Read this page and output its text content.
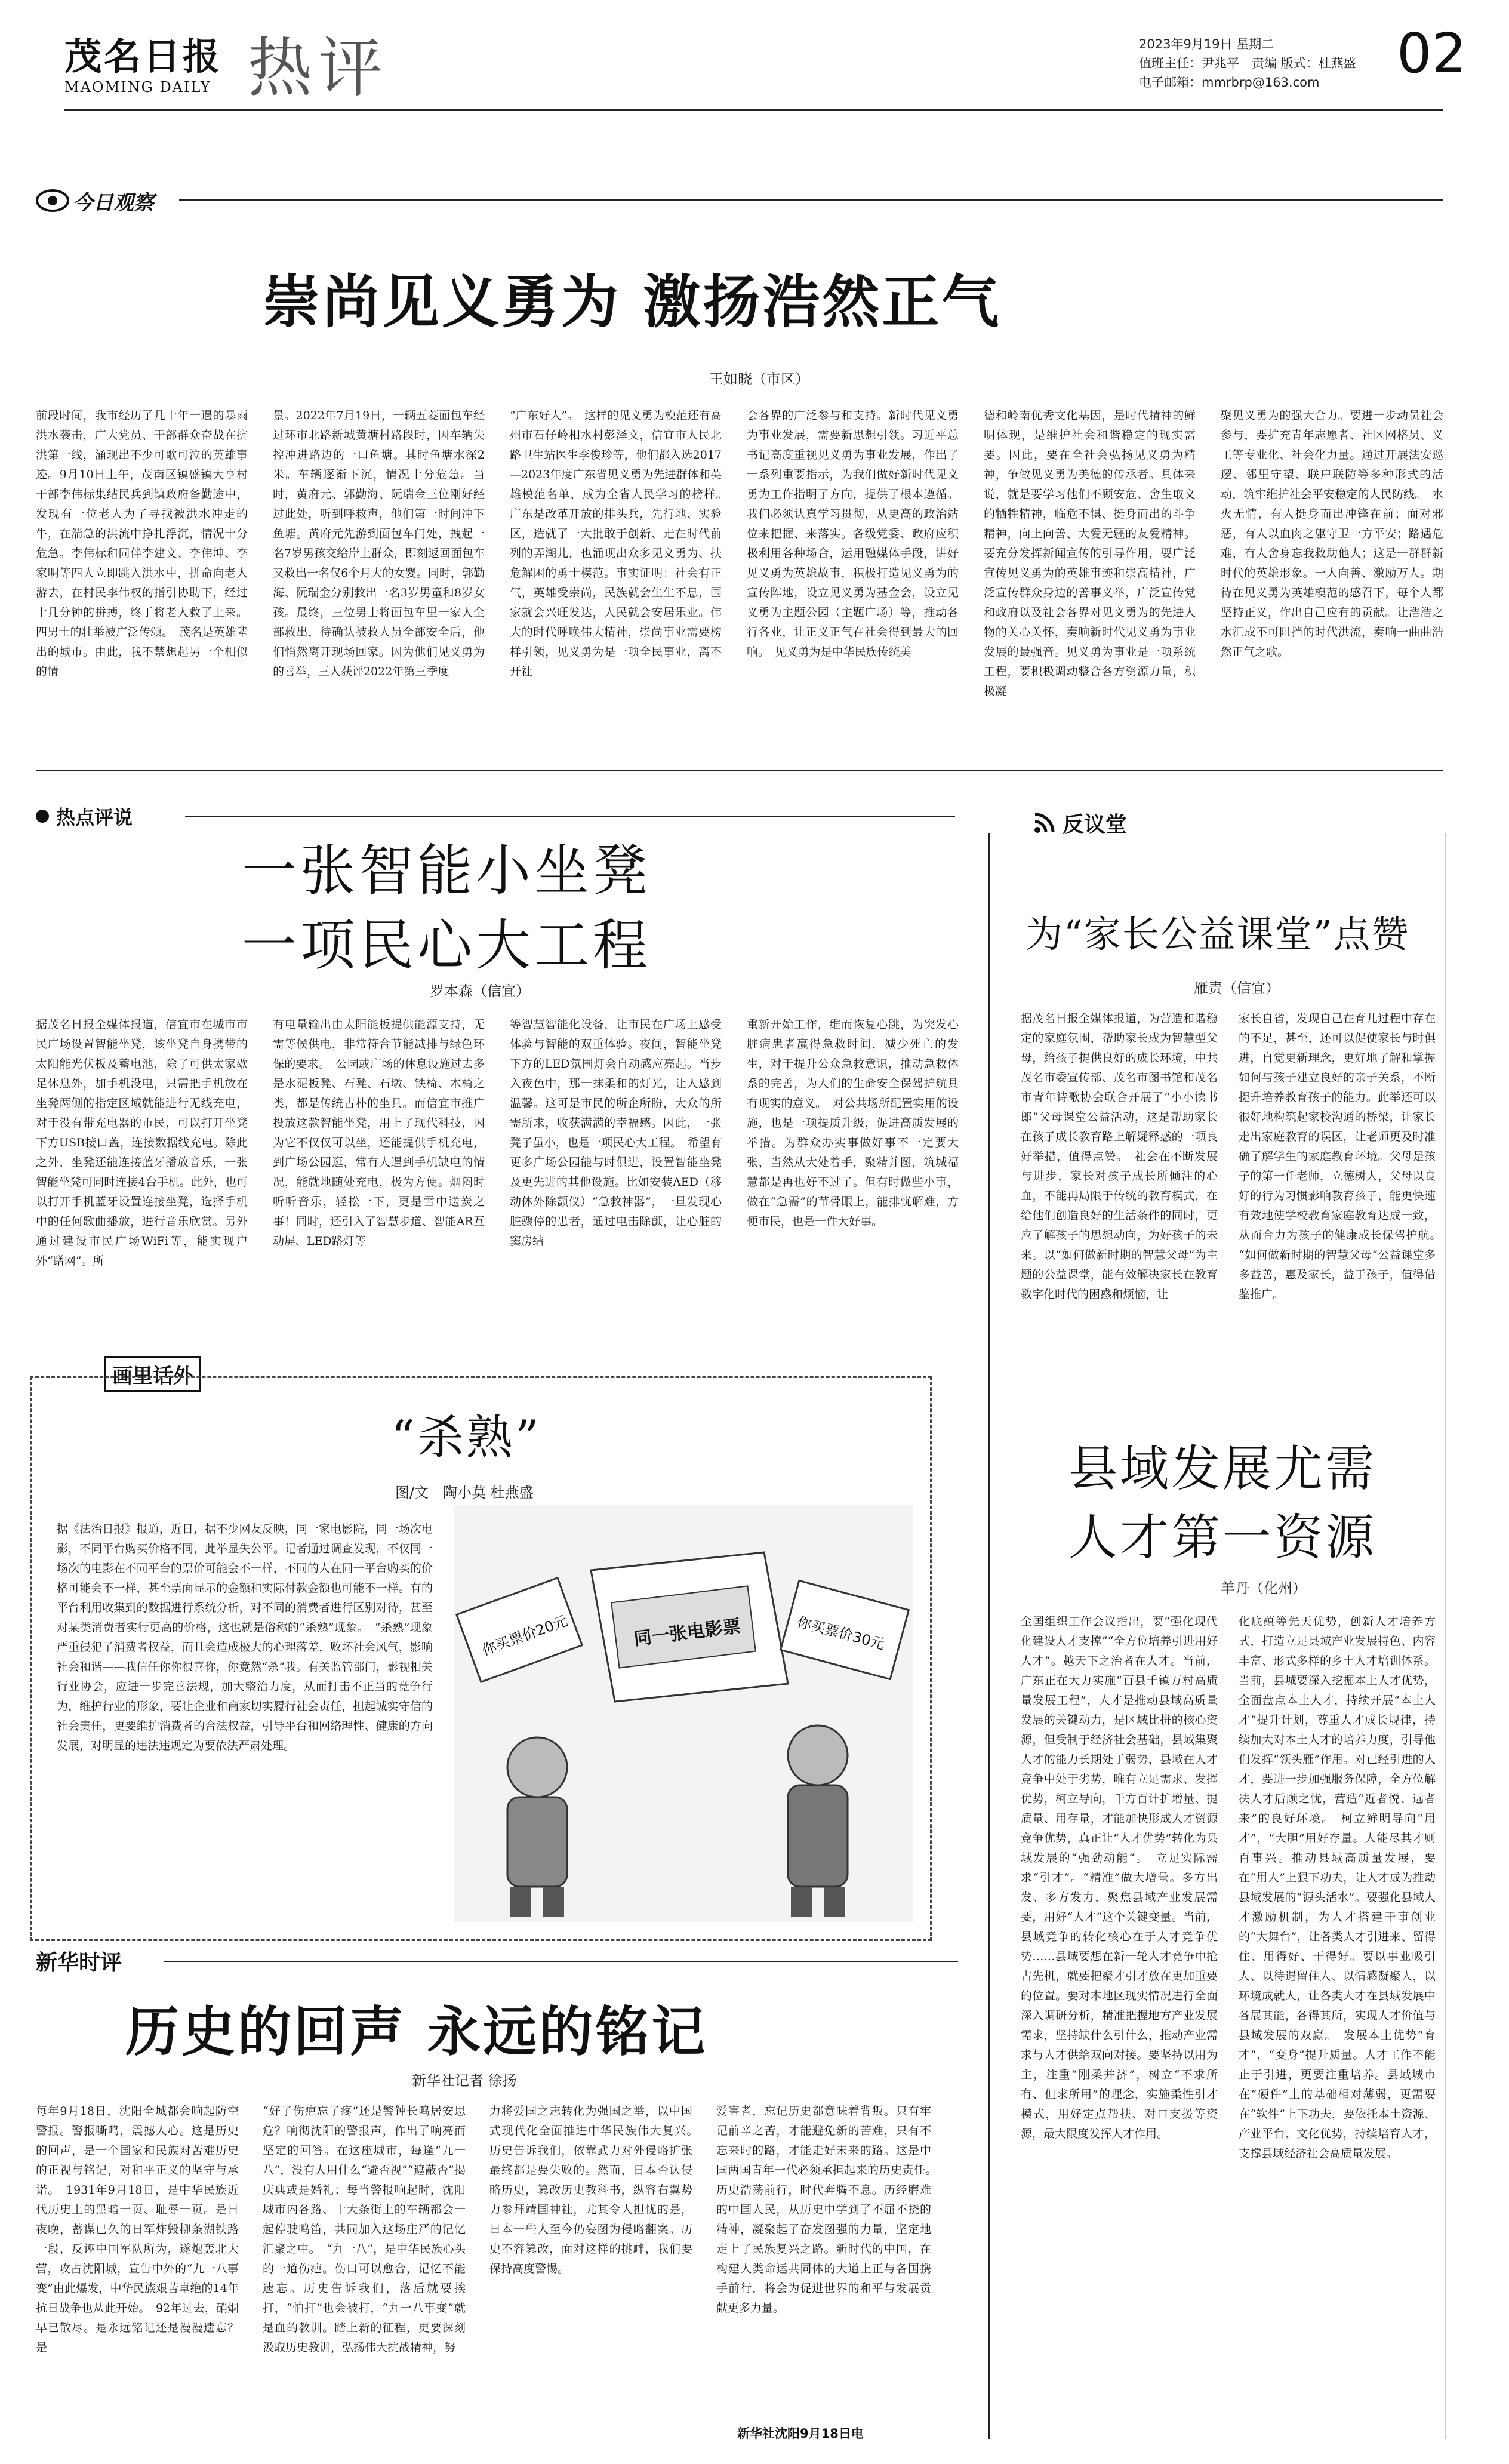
茂名日报
MAOMING DAILY 热评	2023年9月19日 星期二
值班主任：尹兆平　责编 版式：杜燕盛
电子邮箱：mmrbrp@163.com 02
今日观察
崇尚见义勇为 激扬浩然正气
王如晓（市区）
前段时间，我市经历了几十年一遇的暴雨洪水袭击，广大党员、干部群众奋战在抗洪第一线，涌现出不少可歌可泣的英雄事迹。9月10日上午，茂南区镇盛镇大亨村干部李伟标集结民兵到镇政府备勤途中，发现有一位老人为了寻找被洪水冲走的牛，在湍急的洪流中挣扎浮沉，情况十分危急。李伟标和同伴李建文、李伟坤、李家明等四人立即跳入洪水中，拼命向老人游去，在村民李伟权的指引协助下，经过十几分钟的拼搏，终于将老人救了上来。四男士的壮举被广泛传颂。　茂名是英雄辈出的城市。由此，我不禁想起另一个相似的情
景。2022年7月19日，一辆五菱面包车经过环市北路新城黄塘村路段时，因车辆失控冲进路边的一口鱼塘。其时鱼塘水深2米。车辆逐渐下沉，情况十分危急。当时，黄府元、郭勤海、阮瑞金三位刚好经过此处，听到呼救声，他们第一时间冲下鱼塘。黄府元先游到面包车门处，拽起一名7岁男孩交给岸上群众，即刻返回面包车又救出一名仅6个月大的女婴。同时，郭勤海、阮瑞金分别救出一名3岁男童和8岁女孩。最终，三位男士将面包车里一家人全部救出，待确认被救人员全部安全后，他们悄然离开现场回家。因为他们见义勇为的善举，三人获评2022年第三季度
“广东好人”。　这样的见义勇为模范还有高州市石仔岭相水村彭泽文，信宜市人民北路卫生站医生李俊珍等，他们都入选2017—2023年度广东省见义勇为先进群体和英雄模范名单，成为全省人民学习的榜样。　广东是改革开放的排头兵，先行地、实验区，造就了一大批敢于创新、走在时代前列的弄潮儿，也涌现出众多见义勇为、扶危解困的勇士模范。事实证明：社会有正气，英雄受崇尚，民族就会生生不息，国家就会兴旺发达，人民就会安居乐业。伟大的时代呼唤伟大精神，崇尚事业需要榜样引领，见义勇为是一项全民事业，离不开社
会各界的广泛参与和支持。新时代见义勇为事业发展，需要新思想引领。习近平总书记高度重视见义勇为事业发展，作出了一系列重要指示，为我们做好新时代见义勇为工作指明了方向，提供了根本遵循。我们必须认真学习贯彻，从更高的政治站位来把握、来落实。各级党委、政府应积极利用各种场合，运用融媒体手段，讲好见义勇为英雄故事，积极打造见义勇为的宣传阵地，设立见义勇为基金会，设立见义勇为主题公园（主题广场）等，推动各行各业，让正义正气在社会得到最大的回响。　见义勇为是中华民族传统美
德和岭南优秀文化基因，是时代精神的鲜明体现，是维护社会和谐稳定的现实需要。因此，要在全社会弘扬见义勇为精神，争做见义勇为美德的传承者。具体来说，就是要学习他们不顾安危、舍生取义的牺牲精神，临危不惧、挺身而出的斗争精神，向上向善、大爱无疆的友爱精神。要充分发挥新闻宣传的引导作用，要广泛宣传见义勇为的英雄事迹和崇高精神，广泛宣传群众身边的善事义举，广泛宣传党和政府以及社会各界对见义勇为的先进人物的关心关怀，奏响新时代见义勇为事业发展的最强音。见义勇为事业是一项系统工程，要积极调动整合各方资源力量，积极凝
聚见义勇为的强大合力。要进一步动员社会参与，要扩充青年志愿者、社区网格员、义工等专业化、社会化力量。通过开展法安巡逻、邻里守望、联户联防等多种形式的活动，筑牢维护社会平安稳定的人民防线。　水火无情，有人挺身而出冲锋在前；面对邪恶，有人以血肉之躯守卫一方平安；路遇危难，有人舍身忘我救助他人；这是一群群新时代的英雄形象。一人向善、激励万人。期待在见义勇为英雄模范的感召下，每个人都坚持正义，作出自己应有的贡献。让浩浩之水汇成不可阻挡的时代洪流，奏响一曲曲浩然正气之歌。
热点评说
一张智能小坐凳
一项民心大工程
罗本森（信宜）
据茂名日报全媒体报道，信宜市在城市市民广场设置智能坐凳，该坐凳自身携带的太阳能光伏板及蓄电池，除了可供太家歇足休息外，加手机没电，只需把手机放在坐凳两侧的指定区域就能进行无线充电，对于没有带充电器的市民，可以打开坐凳下方USB接口盖，连接数据线充电。除此之外，坐凳还能连接蓝牙播放音乐，一张智能坐凳可同时连接4台手机。此外，也可以打开手机蓝牙设置连接坐凳，选择手机中的任何歌曲播放，进行音乐欣赏。另外通过建设市民广场WiFi等，能实现户外“蹭网”。所
有电量输出由太阳能板提供能源支持，无需等候供电，非常符合节能减排与绿色环保的要求。　公园或广场的休息设施过去多是水泥板凳、石凳、石墩、铁椅、木椅之类，都是传统古朴的坐具。而信宜市推广投放这款智能坐凳，用上了现代科技，因为它不仅仅可以坐，还能提供手机充电，到广场公园逛，常有人遇到手机缺电的情况，能就地随处充电，极为方便。烟闷时听听音乐，轻松一下，更是雪中送炭之事！同时，还引入了智慧步道、智能AR互动屏、LED路灯等
等智慧智能化设备，让市民在广场上感受体验与智能的双重体验。夜间，智能坐凳下方的LED氛围灯会自动感应亮起。当步入夜色中，那一抹柔和的灯光，让人感到温馨。这可是市民的所企所盼，大众的所需所求，收获满满的幸福感。因此，一张凳子虽小，也是一项民心大工程。　希望有更多广场公园能与时俱进，设置智能坐凳及更先进的其他设施。比如安装AED（移动体外除颤仪）“急救神器”，一旦发现心脏骤停的患者，通过电击除颤，让心脏的窦房结
重新开始工作，维而恢复心跳，为突发心脏病患者赢得急救时间，减少死亡的发生，对于提升公众急救意识，推动急救体系的完善，为人们的生命安全保驾护航具有现实的意义。　对公共场所配置实用的设施，也是一项提质升级，促进高质发展的举措。为群众办实事做好事不一定要大张，当然从大处着手，聚精并图，筑城福慧都是再也好不过了。但有时做些小事，做在“急需”的节骨眼上，能排忧解难，方便市民，也是一件大好事。
画里话外
“杀熟”
图/文　陶小莫 杜燕盛
据《法治日报》报道，近日，据不少网友反映，同一家电影院，同一场次电影，不同平台购买价格不同，此举显失公平。记者通过调查发现，不仅同一场次的电影在不同平台的票价可能会不一样，不同的人在同一平台购买的价格可能会不一样，甚至票面显示的金额和实际付款金额也可能不一样。有的平台利用收集到的数据进行系统分析，对不同的消费者进行区别对待，甚至对某类消费者实行更高的价格，这也就是俗称的“杀熟”现象。　“杀熟”现象严重侵犯了消费者权益，而且会造成极大的心理落差，败坏社会风气，影响社会和谐——我信任你你很喜你，你竟然“杀”我。有关监管部门，影视相关行业协会，应进一步完善法规，加大整治力度，从而打击不正当的竞争行为，维护行业的形象，要让企业和商家切实履行社会责任，担起诚实守信的社会责任，更要维护消费者的合法权益，引导平台和网络理性、健康的方向发展，对明显的违法违规定为要依法严肃处理。
同一张电影票
你买票价20元	你买票价30元
新华时评
历史的回声 永远的铭记
新华社记者 徐扬
每年9月18日，沈阳全城都会响起防空警报。警报嘶鸣，震撼人心。这是历史的回声，是一个国家和民族对苦难历史的正视与铭记，对和平正义的坚守与承诺。　1931年9月18日，是中华民族近代历史上的黑暗一页、耻辱一页。是日夜晚，蓄谋已久的日军炸毁柳条湖铁路一段，反诬中国军队所为，遂炮轰北大营，攻占沈阳城，宣告中外的“九一八事变”由此爆发，中华民族艰苦卓绝的14年抗日战争也从此开始。　92年过去，硝烟早已散尽。是永远铭记还是漫漫遗忘？是
“好了伤疤忘了疼”还是警钟长鸣居安思危？响彻沈阳的警报声，作出了响亮而坚定的回答。在这座城市，每逢“九一八”，没有人用什么“避否视”“遮蔽否”揭庆典或是婚礼；每当警报响起时，沈阳城市内各路、十大条街上的车辆都会一起停驶鸣笛，共同加入这场庄严的记忆汇聚之中。　“九一八”，是中华民族心头的一道伤疤。伤口可以愈合，记忆不能遗忘。历史告诉我们，落后就要挨打，“怕打”也会被打，“九一八事变”就是血的教训。踏上新的征程，更要深刻汲取历史教训，弘扬伟大抗战精神，努
力将爱国之志转化为强国之举，以中国式现代化全面推进中华民族伟大复兴。　历史告诉我们，依靠武力对外侵略扩张最终都是要失败的。然而，日本否认侵略历史，篡改历史教科书，纵容右翼势力参拜靖国神社，尤其令人担忧的是，日本一些人至今仍妄图为侵略翻案。历史不容篡改，面对这样的挑衅，我们要保持高度警惕。
爱害者，忘记历史都意味着背叛。只有牢记前辛之苦，才能避免新的苦难，只有不忘来时的路，才能走好未来的路。这是中国两国青年一代必须承担起来的历史责任。　历史浩荡前行，时代奔腾不息。历经磨难的中国人民，从历史中学到了不屈不挠的精神，凝聚起了奋发图强的力量，坚定地走上了民族复兴之路。新时代的中国，在构建人类命运共同体的大道上正与各国携手前行，将会为促进世界的和平与发展贡献更多力量。
新华社沈阳9月18日电
反议堂
为“家长公益课堂”点赞
雁责（信宜）
据茂名日报全媒体报道，为营造和谐稳定的家庭氛围，帮助家长成为智慧型父母，给孩子提供良好的成长环境，中共茂名市委宣传部、茂名市图书馆和茂名市青年诗歌协会联合开展了“小小读书郎”父母课堂公益活动，这是帮助家长在孩子成长教育路上解疑释惑的一项良好举措，值得点赞。　社会在不断发展与进步，家长对孩子成长所倾注的心血，不能再局限于传统的教育模式，在给他们创造良好的生活条件的同时，更应了解孩子的思想动向，为好孩子的未来。以“如何做新时期的智慧父母”为主题的公益课堂，能有效解决家长在教育数字化时代的困惑和烦恼，让
家长自省，发现自己在育儿过程中存在的不足，甚至，还可以促使家长与时俱进，自觉更新理念，更好地了解和掌握如何与孩子建立良好的亲子关系，不断提升培养教育孩子的能力。此举还可以很好地构筑起家校沟通的桥梁，让家长走出家庭教育的误区，让老师更及时准确了解学生的家庭教育环境。父母是孩子的第一任老师，立德树人，父母以良好的行为习惯影响教育孩子，能更快速有效地使学校教育家庭教育达成一致，从而合力为孩子的健康成长保驾护航。　“如何做新时期的智慧父母”公益课堂多多益善，惠及家长，益于孩子，值得借鉴推广。
县域发展尤需
人才第一资源
羊丹（化州）
全国组织工作会议指出，要“强化现代化建设人才支撑”“全方位培养引进用好人才”。越天下之治者在人才。当前，广东正在大力实施“百县千镇万村高质量发展工程”，人才是推动县域高质量发展的关键动力，是区域比拼的核心资源，但受制于经济社会基础，县域集聚人才的能力长期处于弱势，县域在人才竞争中处于劣势，唯有立足需求、发挥优势，柯立导向，千方百计扩增量、提质量、用存量，才能加快形成人才资源竞争优势，真正让“人才优势”转化为县域发展的“强劲动能”。　立足实际需求“引才”。“精准”做大增量。多方出发、多方发力，聚焦县域产业发展需要，用好“人才”这个关键变量。当前，县域竞争的转化核心在于人才竞争优势……县域要想在新一轮人才竞争中抢占先机，就要把聚才引才放在更加重要的位置。要对本地区现实情况进行全面深入调研分析，精准把握地方产业发展需求，坚持缺什么引什么，推动产业需求与人才供给双向对接。要坚持以用为主，注重“刚柔并济”，树立“不求所有、但求所用”的理念，实施柔性引才模式，用好定点帮扶、对口支援等资源，最大限度发挥人才作用。
化底蕴等先天优势，创新人才培养方式，打造立足县域产业发展特色、内容丰富、形式多样的乡土人才培训体系。当前，县城要深入挖掘本土人才优势，全面盘点本土人才，持续开展“本土人才”提升计划，尊重人才成长规律，持续加大对本土人才的培养力度，引导他们发挥“领头雁”作用。对已经引进的人才，要进一步加强服务保障，全方位解决人才后顾之忧，营造“近者悦、远者来”的良好环境。　柯立鲜明导向“用才”，“大胆”用好存量。人能尽其才则百事兴。推动县域高质量发展，要在“用人”上狠下功夫，让人才成为推动县域发展的“源头活水”。要强化县域人才激励机制，为人才搭建干事创业的“大舞台”，让各类人才引进来、留得住、用得好、干得好。要以事业吸引人、以待遇留住人、以情感凝聚人，以环境成就人，让各类人才在县域发展中各展其能，各得其所，实现人才价值与县域发展的双赢。　发展本土优势“育才”，“变身”提升质量。人才工作不能止于引进，更要注重培养。县域城市在“硬件”上的基础相对薄弱，更需要在“软件”上下功夫，要依托本土资源、产业平台、文化优势，持续培育人才，支撑县域经济社会高质量发展。
